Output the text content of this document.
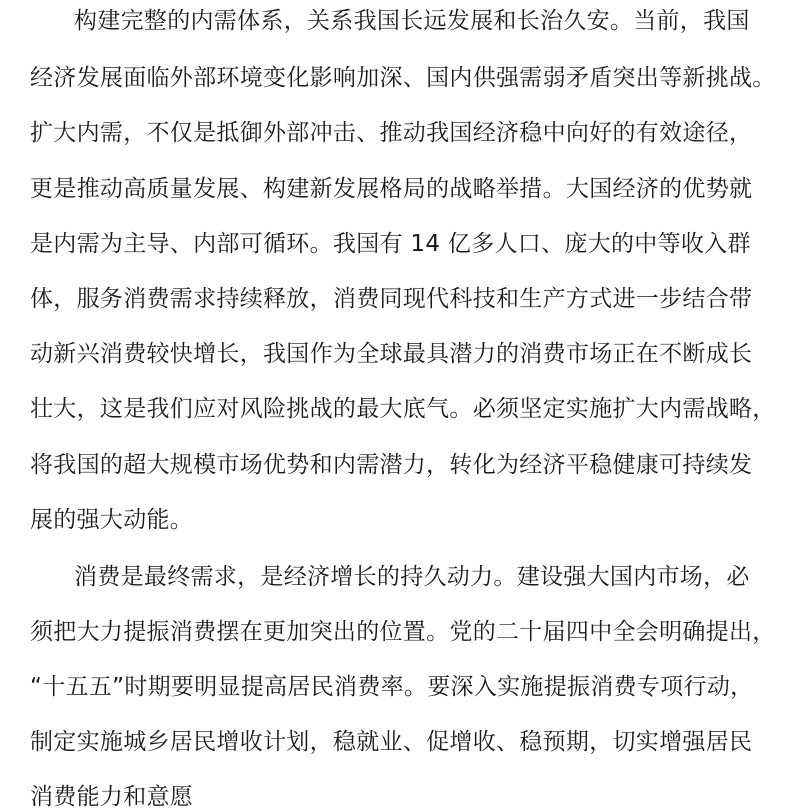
构建完整的内需体系，关系我国长远发展和长治久安。当前，我国

经济发展面临外部环境变化影响加深、国内供强需弱矛盾突出等新挑战。

扩大内需，不仅是抵御外部冲击、推动我国经济稳中向好的有效途径，

更是推动高质量发展、构建新发展格局的战略举措。大国经济的优势就

是内需为主导、内部可循环。我国有 14 亿多人口、庞大的中等收入群

体，服务消费需求持续释放，消费同现代科技和生产方式进一步结合带

动新兴消费较快增长，我国作为全球最具潜力的消费市场正在不断成长

壮大，这是我们应对风险挑战的最大底气。必须坚定实施扩大内需战略，

将我国的超大规模市场优势和内需潜力，转化为经济平稳健康可持续发

展的强大动能。

消费是最终需求，是经济增长的持久动力。建设强大国内市场，必

须把大力提振消费摆在更加突出的位置。党的二十届四中全会明确提出，

“十五五”时期要明显提高居民消费率。要深入实施提振消费专项行动，

制定实施城乡居民增收计划，稳就业、促增收、稳预期，切实增强居民

消费能力和意愿
